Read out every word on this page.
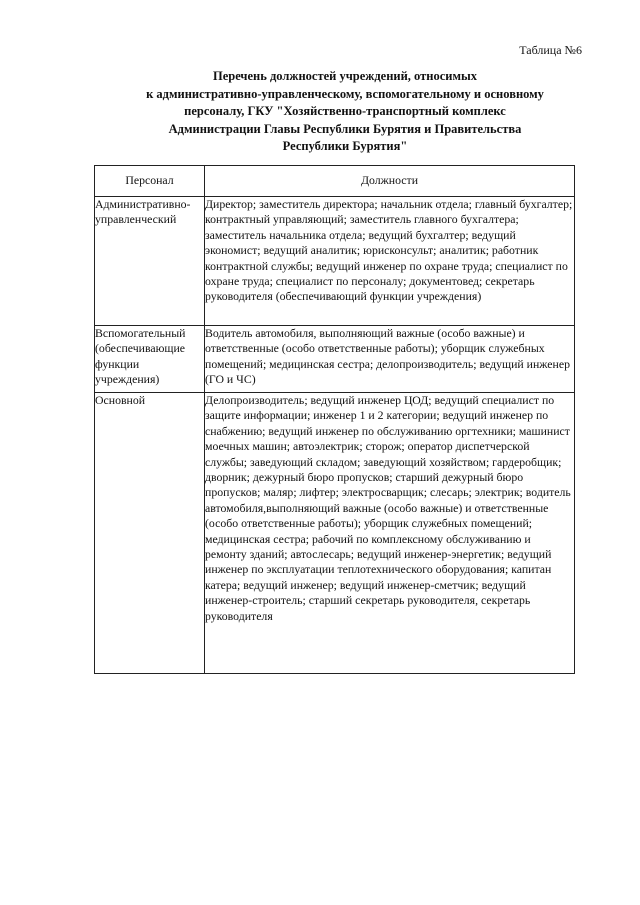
Таблица №6
Перечень должностей учреждений, относимых
к административно-управленческому, вспомогательному и основному
персоналу, ГКУ "Хозяйственно-транспортный комплекс
Администрации Главы Республики Бурятия и Правительства
Республики Бурятия"
Персонал	Должности
Административно-управленческий	Директор; заместитель директора; начальник отдела; главный бухгалтер; контрактный управляющий; заместитель главного бухгалтера; заместитель начальника отдела; ведущий бухгалтер; ведущий экономист; ведущий аналитик; юрисконсульт; аналитик; работник контрактной службы; ведущий инженер по охране труда; специалист по охране труда; специалист по персоналу; документовед; секретарь руководителя (обеспечивающий функции учреждения)
Вспомогательный (обеспечивающие функции учреждения)	Водитель автомобиля, выполняющий важные (особо важные) и ответственные (особо ответственные работы); уборщик служебных помещений; медицинская сестра; делопроизводитель; ведущий инженер (ГО и ЧС)
Основной	Делопроизводитель; ведущий инженер ЦОД; ведущий специалист по защите информации; инженер 1 и 2 категории; ведущий инженер по снабжению; ведущий инженер по обслуживанию оргтехники; машинист моечных машин; автоэлектрик; сторож; оператор диспетчерской службы; заведующий складом; заведующий хозяйством; гардеробщик; дворник; дежурный бюро пропусков; старший дежурный бюро пропусков; маляр; лифтер; электросварщик; слесарь; электрик; водитель автомобиля,выполняющий важные (особо важные) и ответственные (особо ответственные работы); уборщик служебных помещений; медицинская сестра; рабочий по комплексному обслуживанию и ремонту зданий; автослесарь; ведущий инженер-энергетик; ведущий инженер по эксплуатации теплотехнического оборудования; капитан катера; ведущий инженер; ведущий инженер-сметчик; ведущий инженер-строитель; старший секретарь руководителя, секретарь руководителя
